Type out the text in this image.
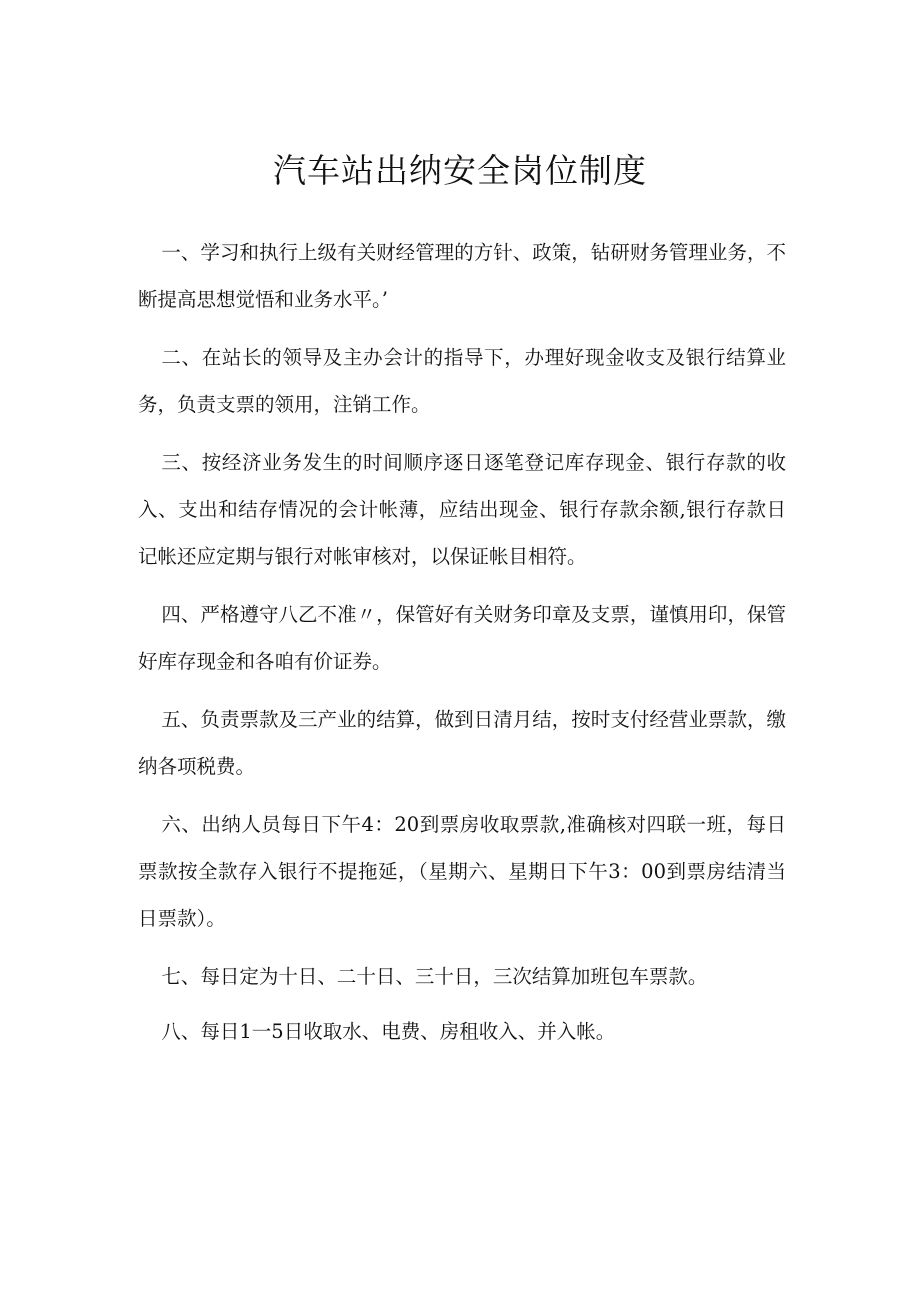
汽车站出纳安全岗位制度

一、学习和执行上级有关财经管理的方针、政策，钻研财务管理业务，不断提高思想觉悟和业务水平。’

二、在站长的领导及主办会计的指导下，办理好现金收支及银行结算业务，负责支票的领用，注销工作。

三、按经济业务发生的时间顺序逐日逐笔登记库存现金、银行存款的收入、支出和结存情况的会计帐薄，应结出现金、银行存款余额,银行存款日记帐还应定期与银行对帐审核对，以保证帐目相符。

四、严格遵守八乙不准〃，保管好有关财务印章及支票，谨慎用印，保管好库存现金和各咱有价证券。

五、负责票款及三产业的结算，做到日清月结，按时支付经营业票款，缴纳各项税费。

六、出纳人员每日下午4：20到票房收取票款,准确核对四联一班，每日票款按全款存入银行不提拖延，（星期六、星期日下午3：00到票房结清当日票款）。

七、每日定为十日、二十日、三十日，三次结算加班包车票款。

八、每日1一5日收取水、电费、房租收入、并入帐。
